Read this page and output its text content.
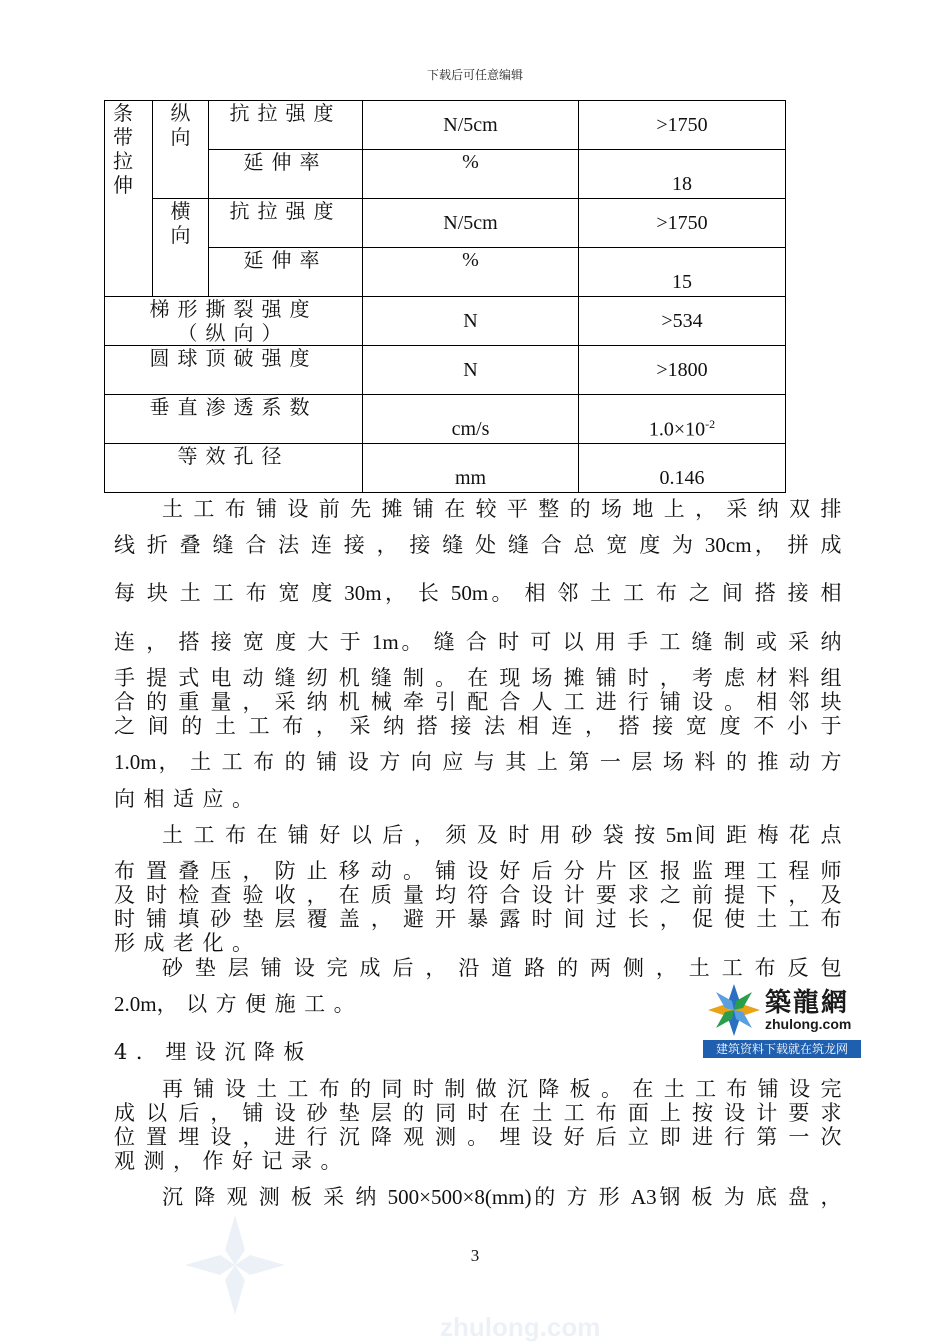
下载后可任意编辑
条带拉伸	纵向	抗拉强度	N/5cm	>1750
		延伸率	%	18

	横向	抗拉强度	N/5cm	>1750
		延伸率	%	15

梯形撕裂强度
（纵向）			N	>534
圆球顶破强度			N	>1800
垂直渗透系数			cm/s	$1.0\times 10^{-2}$

等效孔径			mm	0.146

土工布铺设前先摊铺在较平整的场地上，采纳双排

线折叠缝合法连接，接缝处缝合总宽度为30cm，拼成

每块土工布宽度30m，长50m。相邻土工布之间搭接相

连，搭接宽度大于1m。缝合时可以用手工缝制或采纳

手提式电动缝纫机缝制。在现场摊铺时，考虑材料组

合的重量，采纳机械牵引配合人工进行铺设。相邻块

之间的土工布，采纳搭接法相连，搭接宽度不小于

1.0m，土工布的铺设方向应与其上第一层场料的推动方

向相适应。

土工布在铺好以后，须及时用砂袋按5m间距梅花点

布置叠压，防止移动。铺设好后分片区报监理工程师

及时检查验收，在质量均符合设计要求之前提下，及

时铺填砂垫层覆盖，避开暴露时间过长，促使土工布

形成老化。

砂垫层铺设完成后，沿道路的两侧，土工布反包

2.0m，以方便施工。

4．埋设沉降板

再铺设土工布的同时制做沉降板。在土工布铺设完

成以后，铺设砂垫层的同时在土工布面上按设计要求

位置埋设，进行沉降观测。埋设好后立即进行第一次

观测，作好记录。

沉降观测板采纳500×500×8(mm)的方形A3钢板为底盘，

築龍網
zhulong.com
建筑资料下载就在筑龙网
3
zhulong.com
